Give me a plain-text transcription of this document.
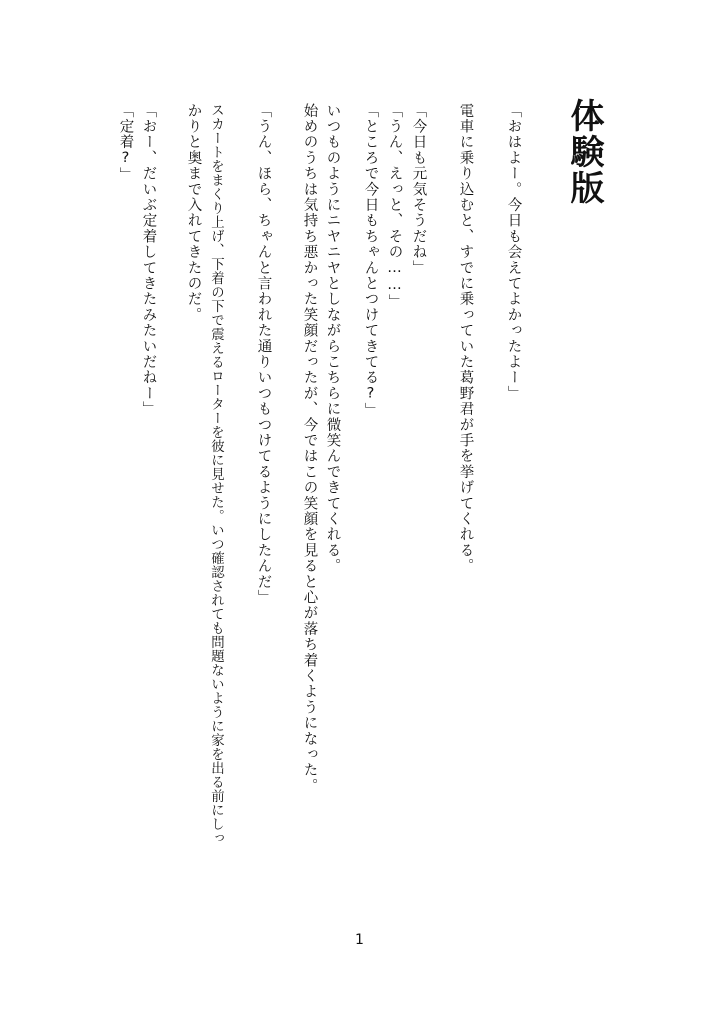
体験版
「おはよー。今日も会えてよかったよー」
電車に乗り込むと、すでに乗っていた葛野君が手を挙げてくれる。
「今日も元気そうだね」
「うん、えっと、その……」
「ところで今日もちゃんとつけてきてる?」
いつものようにニヤニヤとしながらこちらに微笑んできてくれる。
始めのうちは気持ち悪かった笑顔だったが、今ではこの笑顔を見ると心が落ち着くようになった。
「うん、ほら、ちゃんと言われた通りいつもつけてるようにしたんだ」
スカートをまくり上げ、下着の下で震えるローターを彼に見せた。いつ確認されても問題ないように家を出る前にしっ
かりと奥まで入れてきたのだ。
「おー、だいぶ定着してきたみたいだねー」
「定着?」
1
